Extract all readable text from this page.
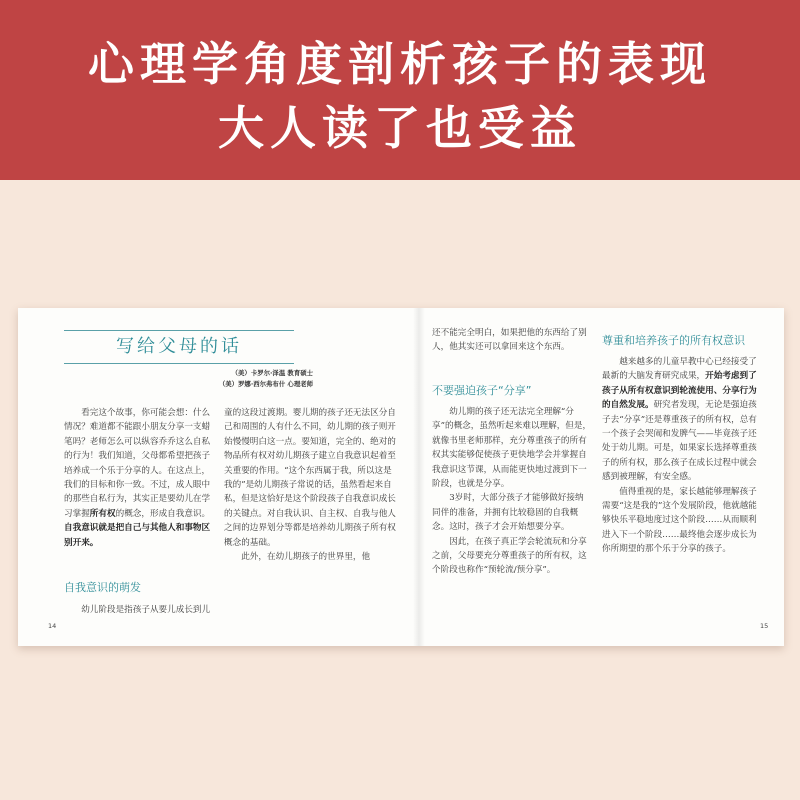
心理学角度剖析孩子的表现
大人读了也受益
写给父母的话
（美）卡罗尔·泽温 教育硕士
（美）罗娜·西尔弗布什 心理老师

看完这个故事，你可能会想：什么情况？难道都不能跟小朋友分享一支蜡笔吗？老师怎么可以纵容乔乔这么自私的行为！我们知道，父母都希望把孩子培养成一个乐于分享的人。在这点上，我们的目标和你一致。不过，成人眼中的那些自私行为，其实正是要幼儿在学习掌握所有权的概念，形成自我意识。
自我意识就是把自己与其他人和事物区别开来。

自我意识的萌发

幼儿阶段是指孩子从要儿成长到儿

童的这段过渡期。婴儿期的孩子还无法区分自己和周围的人有什么不同，幼儿期的孩子则开始慢慢明白这一点。要知道，完全的、绝对的物品所有权对幼儿期孩子建立自我意识起着至关重要的作用。“这个东西属于我，所以这是我的”是幼儿期孩子常说的话，虽然看起来自私，但是这恰好是这个阶段孩子自我意识成长的关键点。对自我认识、自主权、自我与他人之间的边界划分等都是培养幼儿期孩子所有权概念的基础。

此外，在幼儿期孩子的世界里，他

14

还不能完全明白，如果把他的东西给了别人，他其实还可以拿回来这个东西。

不要强迫孩子“分享”

幼儿期的孩子还无法完全理解“分享”的概念，虽然听起来难以理解，但是，就像书里老师那样，充分尊重孩子的所有权其实能够促使孩子更快地学会并掌握自我意识这节课，从而能更快地过渡到下一阶段，也就是分享。

3岁时，大部分孩子才能够做好接纳同伴的准备，并拥有比较稳固的自我概念。这时，孩子才会开始想要分享。

因此，在孩子真正学会轮流玩和分享之前，父母要充分尊重孩子的所有权，这个阶段也称作“预轮流/预分享”。

尊重和培养孩子的所有权意识

越来越多的儿童早教中心已经接受了最新的大脑发育研究成果，开始考虑到了孩子从所有权意识到轮流使用、分享行为的自然发展。研究者发现，无论是强迫孩子去“分享”还是尊重孩子的所有权，总有一个孩子会哭闹和发脾气——毕竟孩子还处于幼儿期。可是，如果家长选择尊重孩子的所有权，那么孩子在成长过程中就会感到被理解，有安全感。

值得重视的是，家长越能够理解孩子需要“这是我的”这个发展阶段，他就越能够快乐平稳地度过这个阶段……从而顺利进入下一个阶段……最终他会逐步成长为你所期望的那个乐于分享的孩子。

15
